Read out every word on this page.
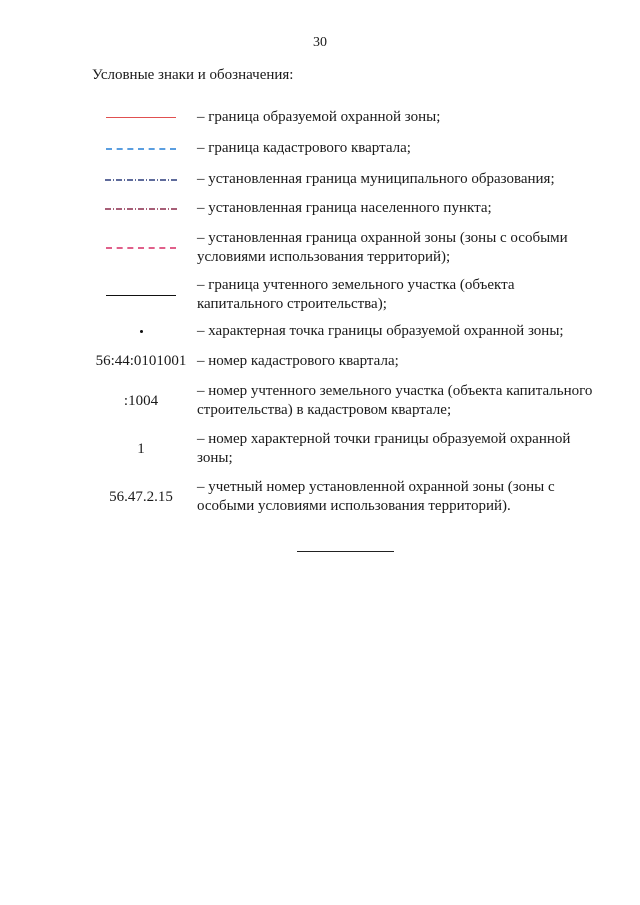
30
Условные знаки и обозначения:
– граница образуемой охранной зоны;
– граница кадастрового квартала;
– установленная граница муниципального образования;
– установленная граница населенного пункта;
– установленная граница охранной зоны (зоны с особыми условиями использования территорий);
– граница учтенного земельного участка (объекта капитального строительства);
– характерная точка границы образуемой охранной зоны;
56:44:0101001 – номер кадастрового квартала;
:1004
– номер учтенного земельного участка (объекта капитального строительства) в кадастровом квартале;
1
– номер характерной точки границы образуемой охранной зоны;
56.47.2.15
– учетный номер установленной охранной зоны (зоны с особыми условиями использования территорий).
